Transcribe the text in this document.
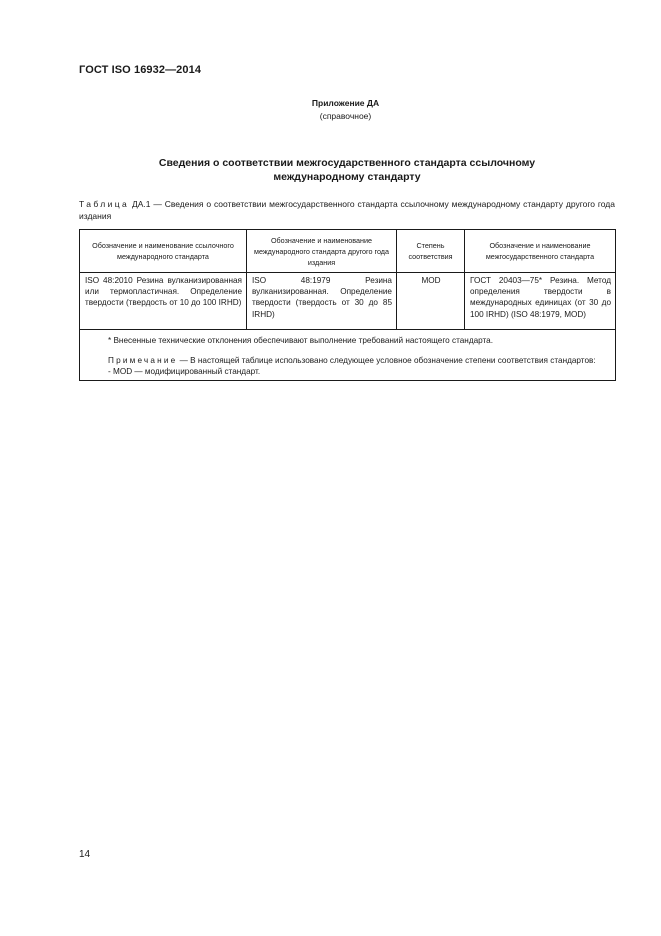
ГОСТ ISO 16932—2014
Приложение ДА
(справочное)
Сведения о соответствии межгосударственного стандарта ссылочному
международному стандарту
Таблица ДА.1 — Сведения о соответствии межгосударственного стандарта ссылочному международному стандарту другого года издания
Обозначение и наименование ссылочного международного стандарта	Обозначение и наименование международного стандарта другого года издания	Степень соответствия	Обозначение и наименование межгосударственного стандарта
ISO 48:2010 Резина вулканизированная или термопластичная. Определение твердости (твердость от 10 до 100 IRHD)	ISO 48:1979 Резина вулканизированная. Определение твердости (твердость от 30 до 85 IRHD)	MOD	ГОСТ 20403—75* Резина. Метод определения твердости в международных единицах (от 30 до 100 IRHD) (ISO 48:1979, MOD)

* Внесенные технические отклонения обеспечивают выполнение требований настоящего стандарта.

Примечание — В настоящей таблице использовано следующее условное обозначение степени соответствия стандартов:

- MOD — модифицированный стандарт.			

14
